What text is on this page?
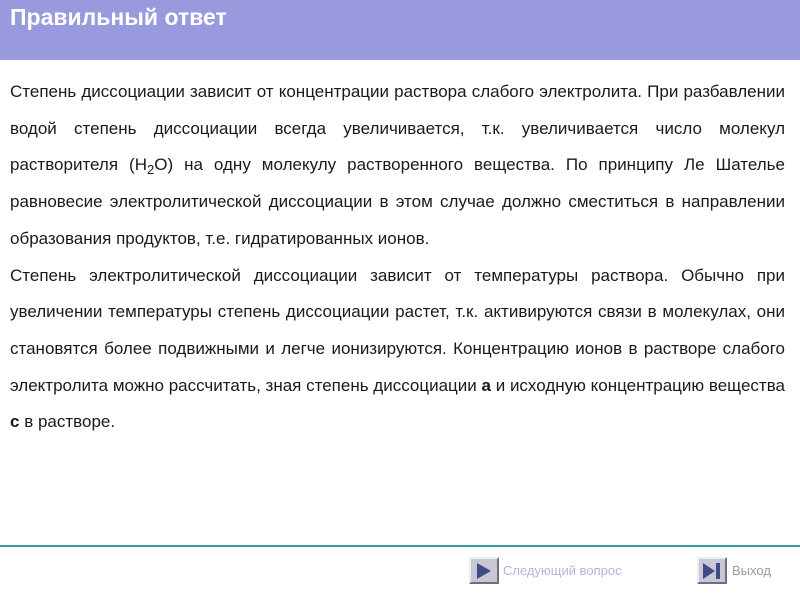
Правильный ответ

Степень диссоциации зависит от концентрации раствора слабого электролита. При разбавлении водой степень диссоциации всегда увеличивается, т.к. увеличивается число молекул растворителя $(H_2O)$ на одну молекулу растворенного вещества. По принципу Ле Шателье равновесие электролитической диссоциации в этом случае должно сместиться в направлении образования продуктов, т.е. гидратированных ионов.

Степень электролитической диссоциации зависит от температуры раствора. Обычно при увеличении температуры степень диссоциации растет, т.к. активируются связи в молекулах, они становятся более подвижными и легче ионизируются. Концентрацию ионов в растворе слабого электролита можно рассчитать, зная степень диссоциации a и исходную концентрацию вещества c в растворе.

Следующий вопрос	Выход
